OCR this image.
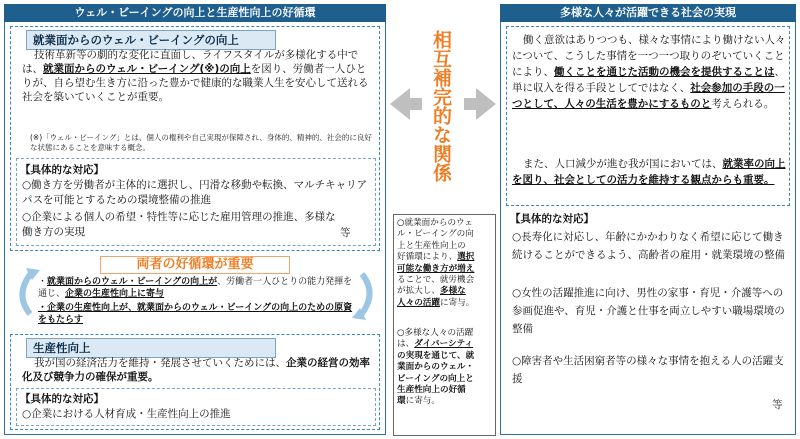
ウェル・ビーイングの向上と生産性向上の好循環
就業面からのウェル・ビーイングの向上
技術革新等の劇的な変化に直面し、ライフスタイルが多様化する中では、就業面からのウェル・ビーイング(※)の向上を図り、労働者一人ひとりが、自ら望む生き方に沿った豊かで健康的な職業人生を安心して送れる社会を築いていくことが重要。
(※)「ウェル・ビーイング」とは、個人の権利や自己実現が保障され、身体的、精神的、社会的に良好な状態にあることを意味する概念。
【具体的な対応】
○働き方を労働者が主体的に選択し、円滑な移動や転換、マルチキャリアパスを可能とするための環境整備の推進
○企業による個人の希望・特性等に応じた雇用管理の推進、多様な働き方の実現	等
両者の好循環が重要
・就業面からのウェル・ビーイングの向上が、労働者一人ひとりの能力発揮を通じ、企業の生産性向上に寄与
・企業の生産性向上が、就業面からのウェル・ビーイングの向上のための原資をもたらす
生産性向上
我が国の経済活力を維持・発展させていくためには、企業の経営の効率化及び競争力の確保が重要。
【具体的な対応】
○企業における人材育成・生産性向上の推進
相互補完的な関係
○就業面からのウェ
ル・ビーイングの向
上と生産性向上の
好循環により、選択
可能な働き方が増え
ることで、就労機会
が拡大し、多様な
人々の活躍に寄与。
○多様な人々の活躍
は、ダイバーシティ
の実現を通じて、就
業面からのウェル・
ビーイングの向上と
生産性向上の好循
環に寄与。
多様な人々が活躍できる社会の実現
働く意欲はありつつも、様々な事情により働けない人々について、こうした事情を一つ一つ取りのぞいていくことにより、働くことを通じた活動の機会を提供することは、単に収入を得る手段としてではなく、社会参加の手段の一つとして、人々の生活を豊かにするものと考えられる。
また、人口減少が進む我が国においては、就業率の向上を図り、社会としての活力を維持する観点からも重要。
【具体的な対応】
○長寿化に対応し、年齢にかかわりなく希望に応じて働き続けることができるよう、高齢者の雇用・就業環境の整備
○女性の活躍推進に向け、男性の家事・育児・介護等への参画促進や、育児・介護と仕事を両立しやすい職場環境の整備
○障害者や生活困窮者等の様々な事情を抱える人の活躍支援
等
